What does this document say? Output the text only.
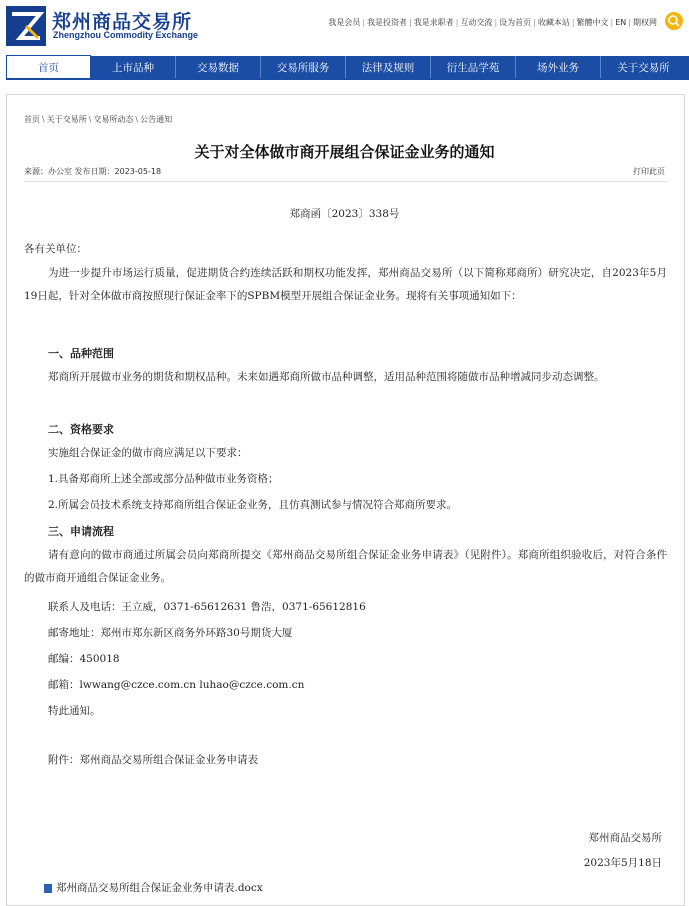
郑州商品交易所
Zhengzhou Commodity Exchange
我是会员 | 我是投资者 | 我是求职者 | 互动交流 | 设为首页 | 收藏本站 | 繁體中文 | EN | 期权网
首页	上市品种	交易数据	交易所服务	法律及规则	衍生品学苑	场外业务	关于交易所
首页 \ 关于交易所 \ 交易所动态 \ 公告通知
关于对全体做市商开展组合保证金业务的通知
来源：办公室 发布日期：2023-05-18	打印此页
郑商函〔2023〕338号
各有关单位：
为进一步提升市场运行质量，促进期货合约连续活跃和期权功能发挥，郑州商品交易所（以下简称郑商所）研究决定，自2023年5月19日起，针对全体做市商按照现行保证金率下的SPBM模型开展组合保证金业务。现将有关事项通知如下：
一、品种范围
郑商所开展做市业务的期货和期权品种。未来如遇郑商所做市品种调整，适用品种范围将随做市品种增减同步动态调整。
二、资格要求
实施组合保证金的做市商应满足以下要求：
1.具备郑商所上述全部或部分品种做市业务资格；
2.所属会员技术系统支持郑商所组合保证金业务，且仿真测试参与情况符合郑商所要求。
三、申请流程
请有意向的做市商通过所属会员向郑商所提交《郑州商品交易所组合保证金业务申请表》（见附件）。郑商所组织验收后，对符合条件的做市商开通组合保证金业务。
联系人及电话：王立威，0371-65612631 鲁浩，0371-65612816
邮寄地址：郑州市郑东新区商务外环路30号期货大厦
邮编：450018
邮箱：lwwang@czce.com.cn luhao@czce.com.cn
特此通知。
附件：郑州商品交易所组合保证金业务申请表
郑州商品交易所
2023年5月18日
郑州商品交易所组合保证金业务申请表.docx
